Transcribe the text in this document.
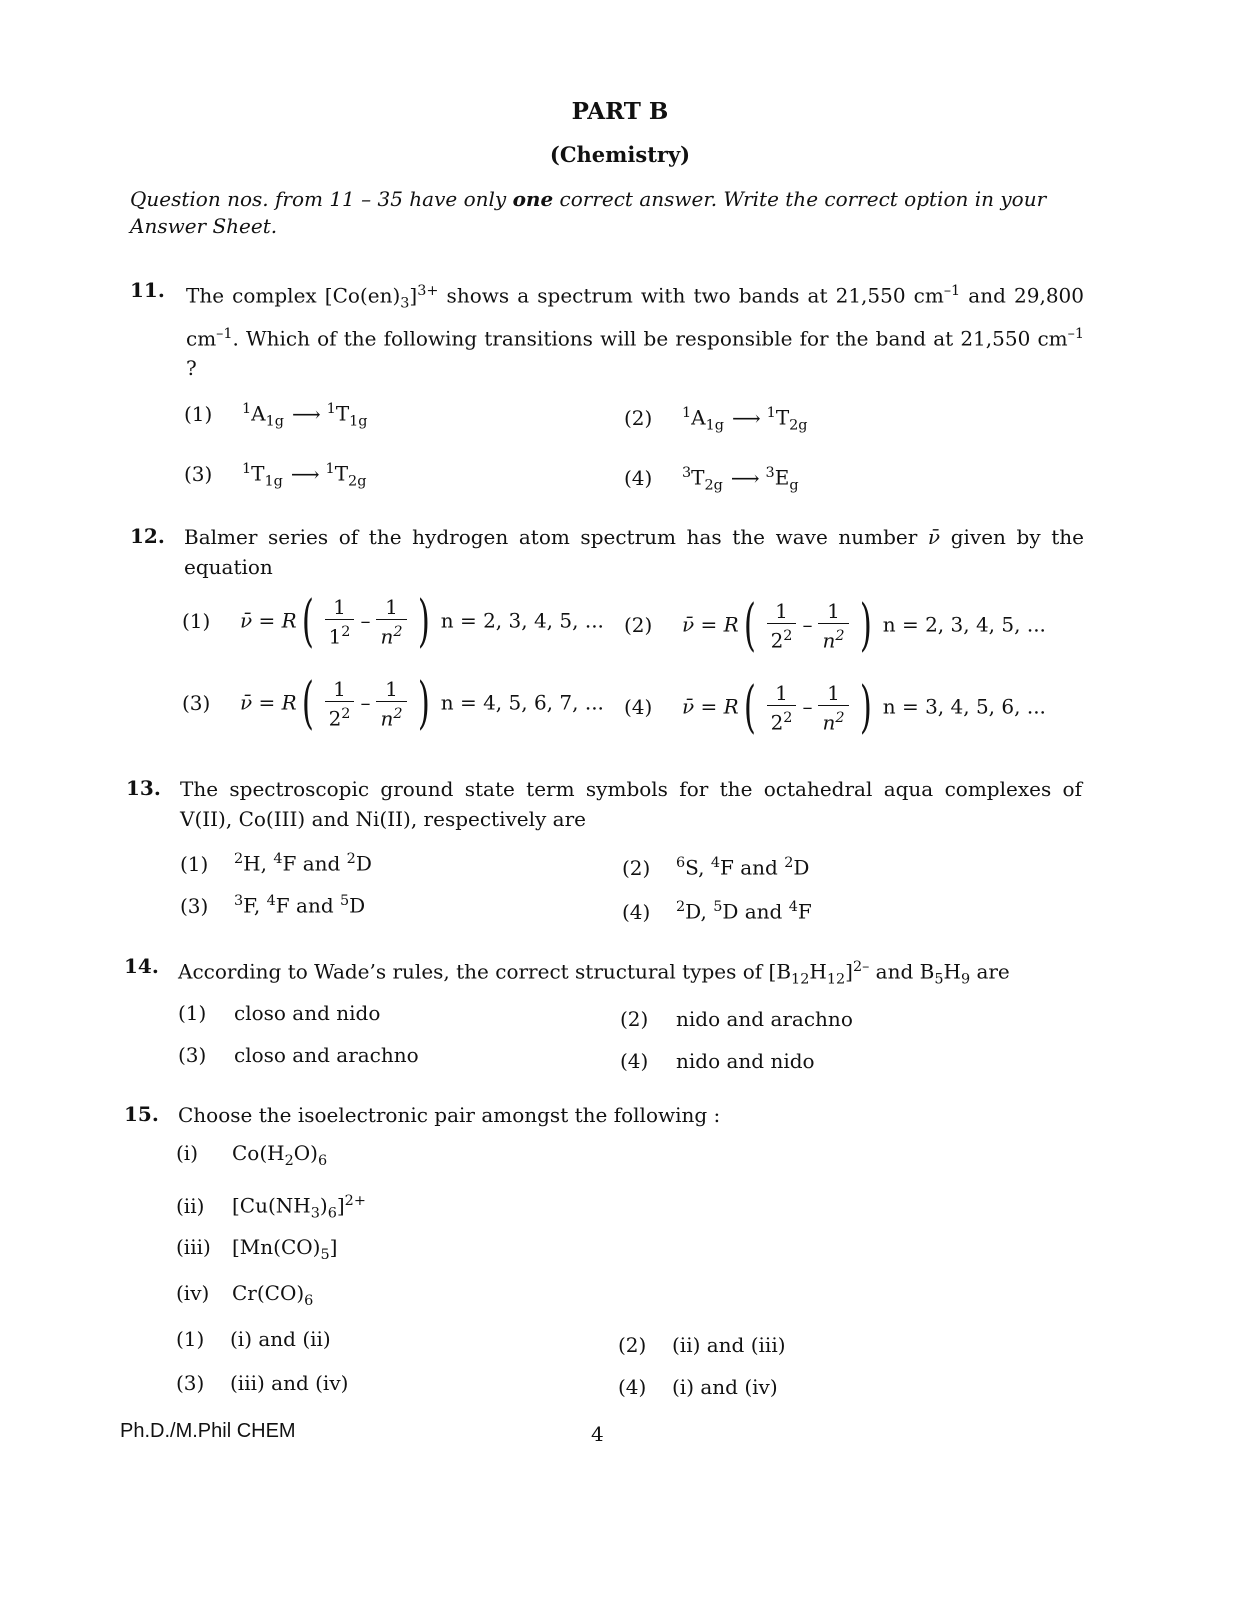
PART B
(Chemistry)
Question nos. from 11 – 35 have only one correct answer. Write the correct option in your Answer Sheet.
11. The complex $[Co(en)_3]^{3+}$ shows a spectrum with two bands at 21,550 $cm^{-1}$ and 29,800 $cm^{-1}$. Which of the following transitions will be responsible for the band at 21,550 $cm^{-1}$ ?
(1) $^1A_{1g}$ ⟶ $^1T_{1g}$	(2) $^1A_{1g}$ ⟶ $^1T_{2g}$
(3) $^1T_{1g}$ ⟶ $^1T_{2g}$	(4) $^3T_{2g}$ ⟶ $^3E_g$
12. Balmer series of the hydrogen atom spectrum has the wave number ν̄ given by the equation
(1) ν̄ = $R( \frac{1}{1^2} - \frac{1}{n^2}$ ) n = 2, 3, 4, 5, ... (2) ν̄ = $R( \frac{1}{2^2} - \frac{1}{n^2}$ ) n = 2, 3, 4, 5, ...
(3) ν̄ = $R( \frac{1}{2^2} - \frac{1}{n^2}$ ) n = 4, 5, 6, 7, ... (4) ν̄ = $R( \frac{1}{2^2} - \frac{1}{n^2}$ ) n = 3, 4, 5, 6, ...
13. The spectroscopic ground state term symbols for the octahedral aqua complexes of V(II), Co(III) and Ni(II), respectively are
(1) $^2$H, $^4$F and $^2$D	(2) $^6$S, $^4$F and $^2$D
(3) $^3$F, $^4$F and $^5$D	(4) $^2$D, $^5$D and $^4$F
14. According to Wade’s rules, the correct structural types of $[B_{12}H_{12}]^{2-}$ and $B_5H_9$ are
(1) closo and nido	(2) nido and arachno
(3) closo and arachno	(4) nido and nido
15. Choose the isoelectronic pair amongst the following :
(i) $Co(H_2O)_6$
(ii) $[Cu(NH_3)_6]^{2+}$
(iii) $[Mn(CO)_5]$
(iv) $Cr(CO)_6$
(1) (i) and (ii)	(2) (ii) and (iii)
(3) (iii) and (iv)	(4) (i) and (iv)
Ph.D./M.Phil CHEM	4
